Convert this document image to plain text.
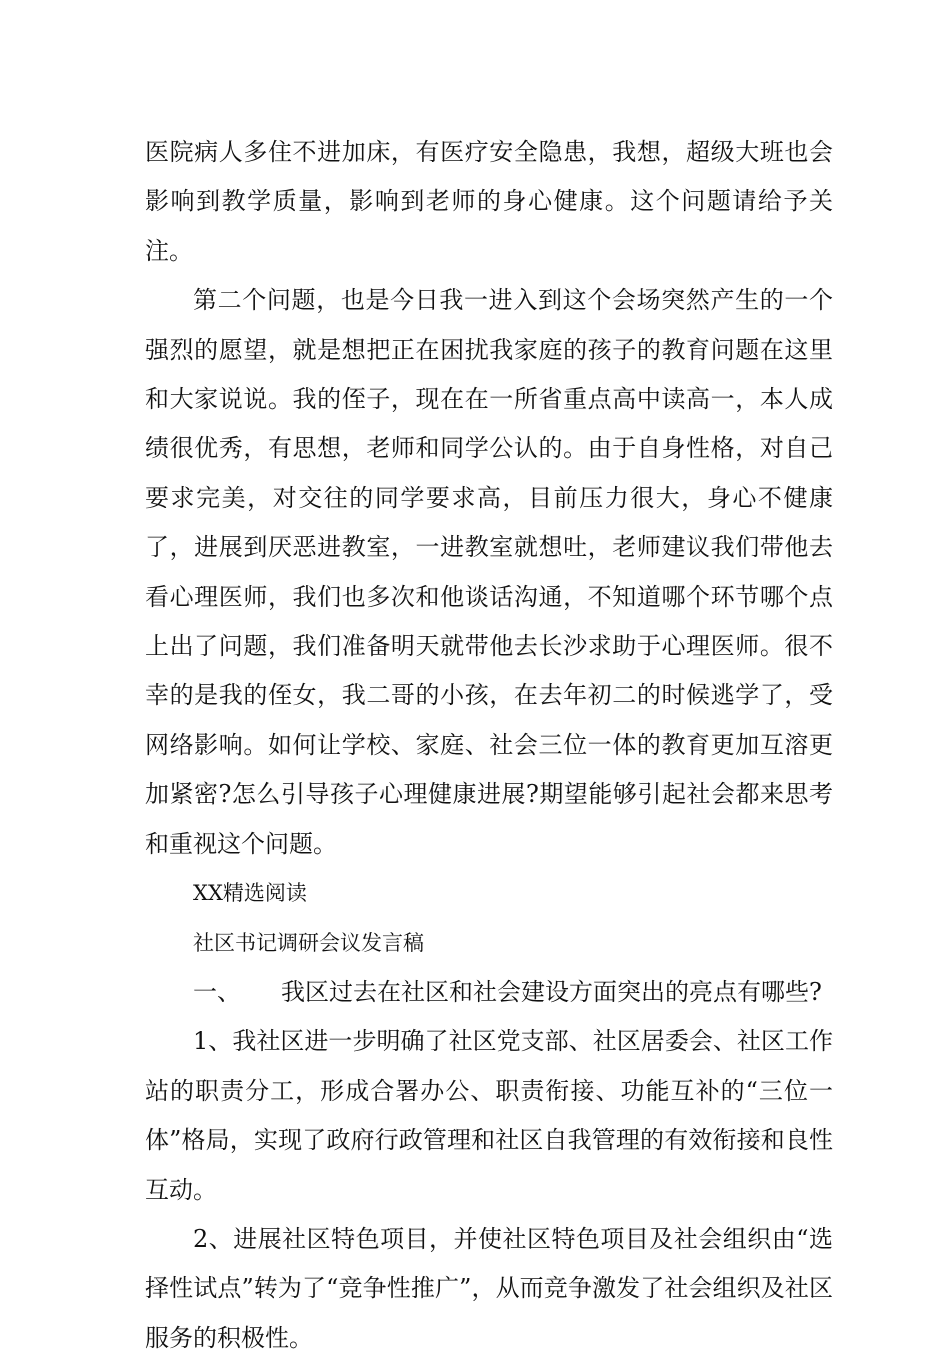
医院病人多住不进加床，有医疗安全隐患，我想，超级大班也会影响到教学质量，影响到老师的身心健康。这个问题请给予关注。

第二个问题，也是今日我一进入到这个会场突然产生的一个强烈的愿望，就是想把正在困扰我家庭的孩子的教育问题在这里和大家说说。我的侄子，现在在一所省重点高中读高一，本人成绩很优秀，有思想，老师和同学公认的。由于自身性格，对自己要求完美，对交往的同学要求高，目前压力很大，身心不健康了，进展到厌恶进教室，一进教室就想吐，老师建议我们带他去看心理医师，我们也多次和他谈话沟通，不知道哪个环节哪个点上出了问题，我们准备明天就带他去长沙求助于心理医师。很不幸的是我的侄女，我二哥的小孩，在去年初二的时候逃学了，受网络影响。如何让学校、家庭、社会三位一体的教育更加互溶更加紧密?怎么引导孩子心理健康进展?期望能够引起社会都来思考和重视这个问题。

XX精选阅读

社区书记调研会议发言稿

一、 我区过去在社区和社会建设方面突出的亮点有哪些?

1、我社区进一步明确了社区党支部、社区居委会、社区工作站的职责分工，形成合署办公、职责衔接、功能互补的“三位一体”格局，实现了政府行政管理和社区自我管理的有效衔接和良性互动。

2、进展社区特色项目，并使社区特色项目及社会组织由“选择性试点”转为了“竞争性推广”，从而竞争激发了社会组织及社区服务的积极性。
